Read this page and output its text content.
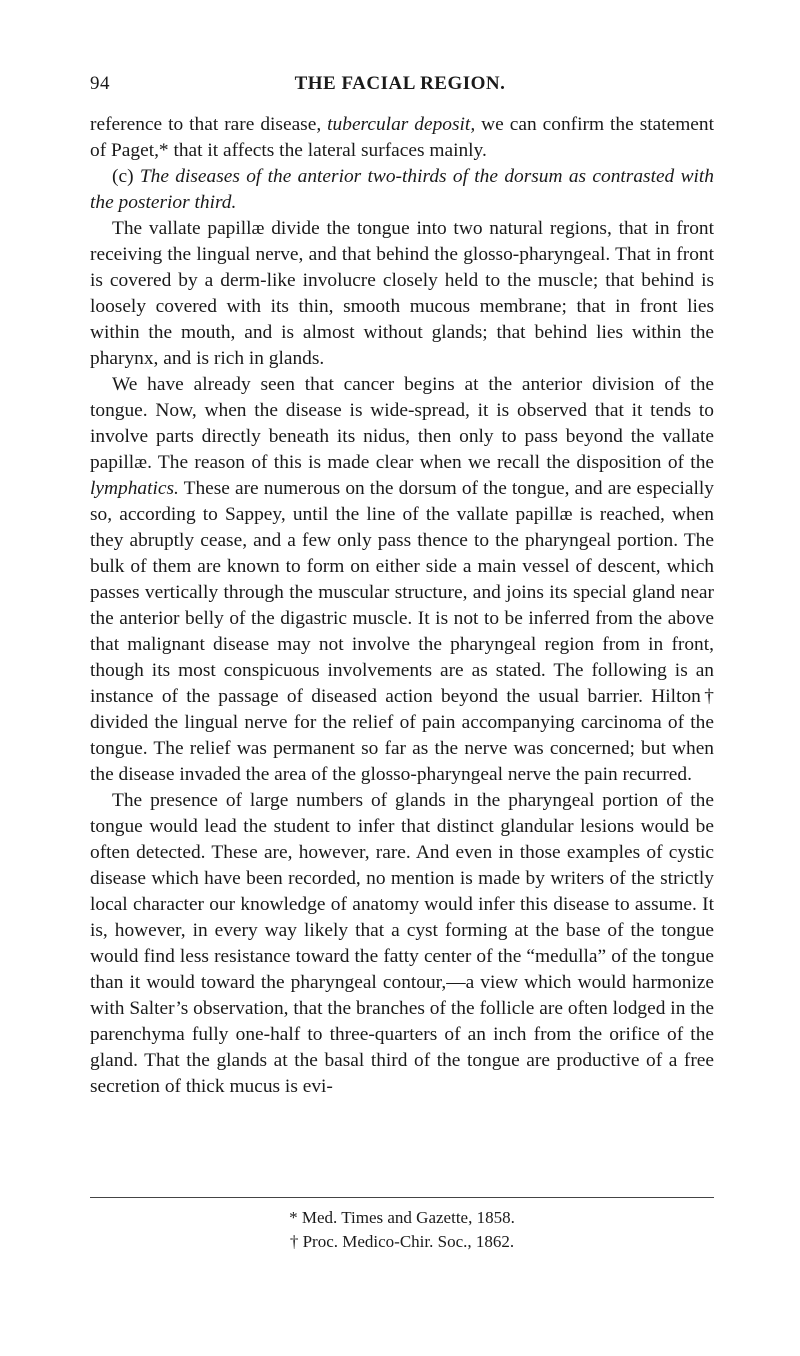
94	THE FACIAL REGION.

reference to that rare disease, tubercular deposit, we can confirm the statement of Paget,* that it affects the lateral surfaces mainly.

(c) The diseases of the anterior two-thirds of the dorsum as contrasted with the posterior third.

The vallate papillæ divide the tongue into two natural regions, that in front receiving the lingual nerve, and that behind the glosso-pharyngeal. That in front is covered by a derm-like involucre closely held to the muscle; that behind is loosely covered with its thin, smooth mucous membrane; that in front lies within the mouth, and is almost without glands; that behind lies within the pharynx, and is rich in glands.

We have already seen that cancer begins at the anterior division of the tongue. Now, when the disease is wide-spread, it is observed that it tends to involve parts directly beneath its nidus, then only to pass beyond the vallate papillæ. The reason of this is made clear when we recall the disposition of the lymphatics. These are numerous on the dorsum of the tongue, and are especially so, according to Sappey, until the line of the vallate papillæ is reached, when they abruptly cease, and a few only pass thence to the pharyngeal portion. The bulk of them are known to form on either side a main vessel of descent, which passes vertically through the muscular structure, and joins its special gland near the anterior belly of the digastric muscle. It is not to be inferred from the above that malignant disease may not involve the pharyngeal region from in front, though its most conspicuous involvements are as stated. The following is an instance of the passage of diseased action beyond the usual barrier. Hilton† divided the lingual nerve for the relief of pain accompanying carcinoma of the tongue. The relief was permanent so far as the nerve was concerned; but when the disease invaded the area of the glosso-pharyngeal nerve the pain recurred.

The presence of large numbers of glands in the pharyngeal portion of the tongue would lead the student to infer that distinct glandular lesions would be often detected. These are, however, rare. And even in those examples of cystic disease which have been recorded, no mention is made by writers of the strictly local character our knowledge of anatomy would infer this disease to assume. It is, however, in every way likely that a cyst forming at the base of the tongue would find less resistance toward the fatty center of the “medulla” of the tongue than it would toward the pharyngeal contour,—a view which would harmonize with Salter’s observation, that the branches of the follicle are often lodged in the parenchyma fully one-half to three-quarters of an inch from the orifice of the gland. That the glands at the basal third of the tongue are productive of a free secretion of thick mucus is evi-

* Med. Times and Gazette, 1858.
† Proc. Medico-Chir. Soc., 1862.
